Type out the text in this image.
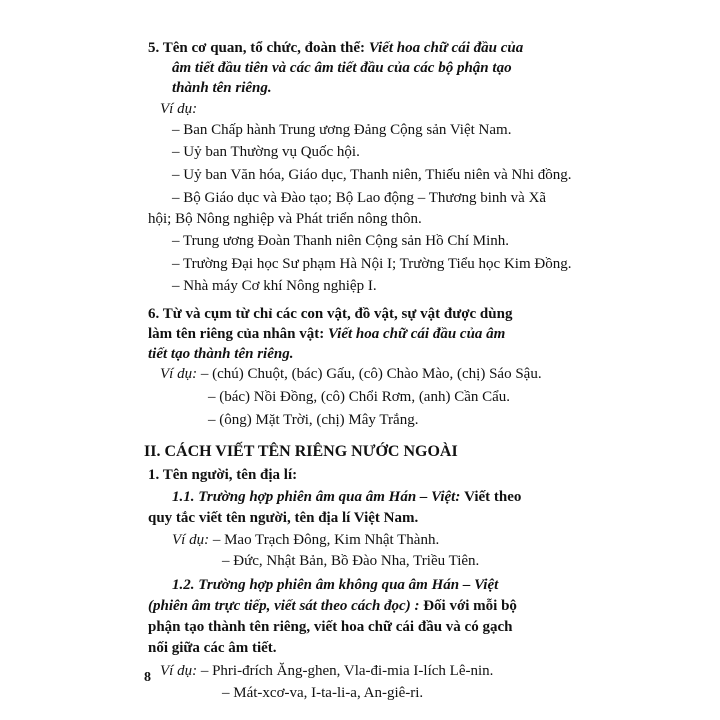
5. Tên cơ quan, tổ chức, đoàn thể: Viết hoa chữ cái đầu của
âm tiết đầu tiên và các âm tiết đầu của các bộ phận tạo
thành tên riêng.
Ví dụ:
– Ban Chấp hành Trung ương Đảng Cộng sản Việt Nam.
– Uỷ ban Thường vụ Quốc hội.
– Uỷ ban Văn hóa, Giáo dục, Thanh niên, Thiếu niên và Nhi đồng.
– Bộ Giáo dục và Đào tạo; Bộ Lao động – Thương binh và Xã
hội; Bộ Nông nghiệp và Phát triển nông thôn.
– Trung ương Đoàn Thanh niên Cộng sản Hồ Chí Minh.
– Trường Đại học Sư phạm Hà Nội I; Trường Tiểu học Kim Đồng.
– Nhà máy Cơ khí Nông nghiệp I.
6. Từ và cụm từ chỉ các con vật, đồ vật, sự vật được dùng
làm tên riêng của nhân vật: Viết hoa chữ cái đầu của âm
tiết tạo thành tên riêng.
Ví dụ: – (chú) Chuột, (bác) Gấu, (cô) Chào Mào, (chị) Sáo Sậu.
– (bác) Nồi Đồng, (cô) Chổi Rơm, (anh) Cần Cẩu.
– (ông) Mặt Trời, (chị) Mây Trắng.
II. CÁCH VIẾT TÊN RIÊNG NƯỚC NGOÀI
1. Tên người, tên địa lí:
1.1. Trường hợp phiên âm qua âm Hán – Việt: Viết theo
quy tắc viết tên người, tên địa lí Việt Nam.
Ví dụ: – Mao Trạch Đông, Kim Nhật Thành.
– Đức, Nhật Bản, Bồ Đào Nha, Triều Tiên.
1.2. Trường hợp phiên âm không qua âm Hán – Việt
(phiên âm trực tiếp, viết sát theo cách đọc) : Đối với mỗi bộ
phận tạo thành tên riêng, viết hoa chữ cái đầu và có gạch
nối giữa các âm tiết.
Ví dụ: – Phri-đrích Ăng-ghen, Vla-đi-mia I-lích Lê-nin.
– Mát-xcơ-va, I-ta-li-a, An-giê-ri.
8
